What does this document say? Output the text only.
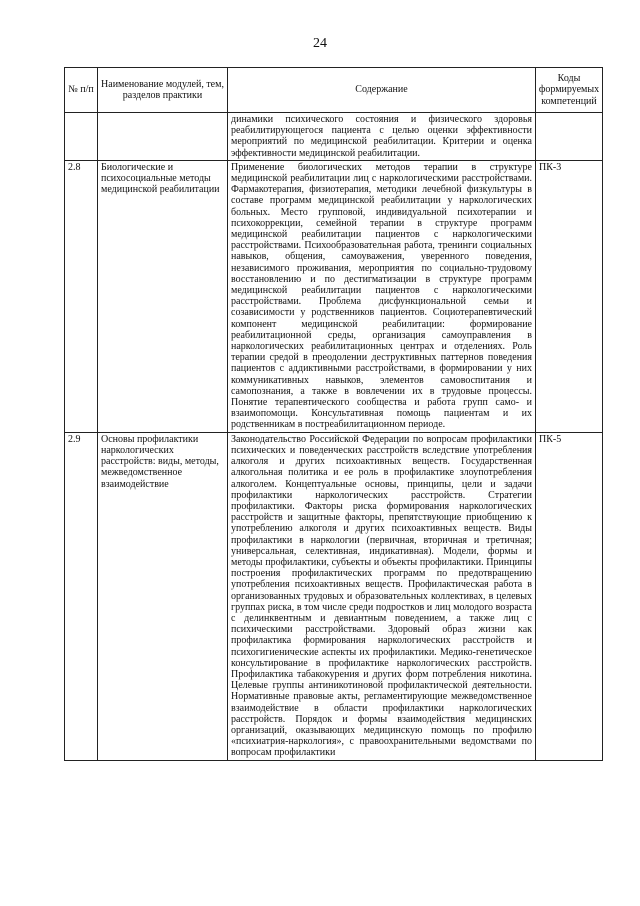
24
№ п/п	Наименование модулей, тем, разделов практики	Содержание	Коды формируемых компетенций
		динамики психического состояния и физического здоровья реабилитирующегося пациента с целью оценки эффективности мероприятий по медицинской реабилитации. Критерии и оценка эффективности медицинской реабилитации.	
2.8	Биологические и психосоциальные методы медицинской реабилитации	Применение биологических методов терапии в структуре медицинской реабилитации лиц с наркологическими расстройствами. Фармакотерапия, физиотерапия, методики лечебной физкультуры в составе программ медицинской реабилитации у наркологических больных. Место групповой, индивидуальной психотерапии и психокоррекции, семейной терапии в структуре программ медицинской реабилитации пациентов с наркологическими расстройствами. Психообразовательная работа, тренинги социальных навыков, общения, самоуважения, уверенного поведения, независимого проживания, мероприятия по социально-трудовому восстановлению и по дестигматизации в структуре программ медицинской реабилитации пациентов с наркологическими расстройствами. Проблема дисфункциональной семьи и созависимости у родственников пациентов. Социотерапевтический компонент медицинской реабилитации: формирование реабилитационной среды, организация самоуправления в наркологических реабилитационных центрах и отделениях. Роль терапии средой в преодолении деструктивных паттернов поведения пациентов с аддиктивными расстройствами, в формировании у них коммуникативных навыков, элементов самовоспитания и самопознания, а также в вовлечении их в трудовые процессы. Понятие терапевтического сообщества и работа групп само- и взаимопомощи. Консультативная помощь пациентам и их родственникам в постреабилитационном периоде.	ПК-3
2.9	Основы профилактики наркологических расстройств: виды, методы, межведомственное взаимодействие	Законодательство Российской Федерации по вопросам профилактики психических и поведенческих расстройств вследствие употребления алкоголя и других психоактивных веществ. Государственная алкогольная политика и ее роль в профилактике злоупотребления алкоголем. Концептуальные основы, принципы, цели и задачи профилактики наркологических расстройств. Стратегии профилактики. Факторы риска формирования наркологических расстройств и защитные факторы, препятствующие приобщению к употреблению алкоголя и других психоактивных веществ. Виды профилактики в наркологии (первичная, вторичная и третичная; универсальная, селективная, индикативная). Модели, формы и методы профилактики, субъекты и объекты профилактики. Принципы построения профилактических программ по предотвращению употребления психоактивных веществ. Профилактическая работа в организованных трудовых и образовательных коллективах, в целевых группах риска, в том числе среди подростков и лиц молодого возраста с делинквентным и девиантным поведением, а также лиц с психическими расстройствами. Здоровый образ жизни как профилактика формирования наркологических расстройств и психогигиенические аспекты их профилактики. Медико-генетическое консультирование в профилактике наркологических расстройств. Профилактика табакокурения и других форм потребления никотина. Целевые группы антиникотиновой профилактической деятельности. Нормативные правовые акты, регламентирующие межведомственное взаимодействие в области профилактики наркологических расстройств. Порядок и формы взаимодействия медицинских организаций, оказывающих медицинскую помощь по профилю «психиатрия-наркология», с правоохранительными ведомствами по вопросам профилактики	ПК-5
